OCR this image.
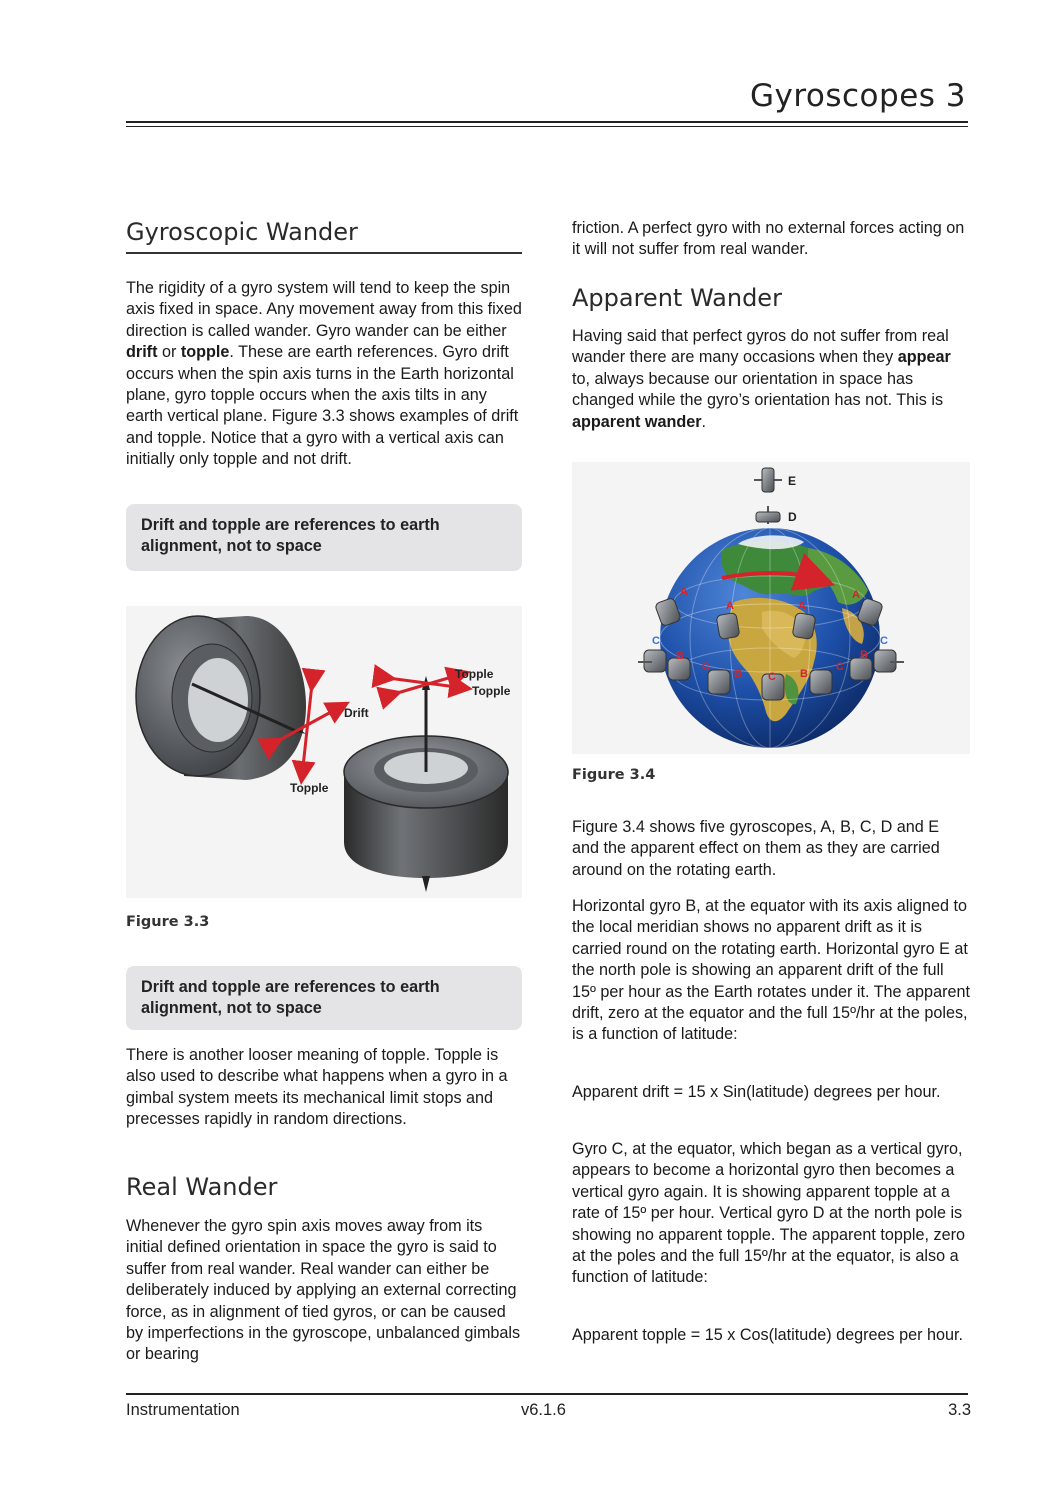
Gyroscopes 3
Gyroscopic Wander

The rigidity of a gyro system will tend to keep the spin axis fixed in space. Any movement away from this fixed direction is called wander. Gyro wander can be either drift or topple. These are earth references. Gyro drift occurs when the spin axis turns in the Earth horizontal plane, gyro topple occurs when the axis tilts in any earth vertical plane. Figure 3.3 shows examples of drift and topple. Notice that a gyro with a vertical axis can initially only topple and not drift.

Drift and topple are references to earth alignment, not to space
Drift
Topple
Topple
Topple
Figure 3.3
Drift and topple are references to earth alignment, not to space

There is another looser meaning of topple. Topple is also used to describe what happens when a gyro in a gimbal system meets its mechanical limit stops and precesses rapidly in random directions.

Real Wander

Whenever the gyro spin axis moves away from its initial defined orientation in space the gyro is said to suffer from real wander. Real wander can either be deliberately induced by applying an external correcting force, as in alignment of tied gyros, or can be caused by imperfections in the gyroscope, unbalanced gimbals or bearing

friction. A perfect gyro with no external forces acting on it will not suffer from real wander.

Apparent Wander

Having said that perfect gyros do not suffer from real wander there are many occasions when they appear to, always because our orientation in space has changed while the gyro’s orientation has not. This is apparent wander.

E
D
A
A	A
A
C	C
B
C
B C B
C
B
Figure 3.4

Figure 3.4 shows five gyroscopes, A, B, C, D and E and the apparent effect on them as they are carried around on the rotating earth.

Horizontal gyro B, at the equator with its axis aligned to the local meridian shows no apparent drift as it is carried round on the rotating earth. Horizontal gyro E at the north pole is showing an apparent drift of the full 15º per hour as the Earth rotates under it. The apparent drift, zero at the equator and the full 15º/hr at the poles, is a function of latitude:

Apparent drift = 15 x Sin(latitude) degrees per hour.

Gyro C, at the equator, which began as a vertical gyro, appears to become a horizontal gyro then becomes a vertical gyro again. It is showing apparent topple at a rate of 15º per hour. Vertical gyro D at the north pole is showing no apparent topple. The apparent topple, zero at the poles and the full 15º/hr at the equator, is also a function of latitude:

Apparent topple = 15 x Cos(latitude) degrees per hour.

Instrumentation	v6.1.6	3.3
